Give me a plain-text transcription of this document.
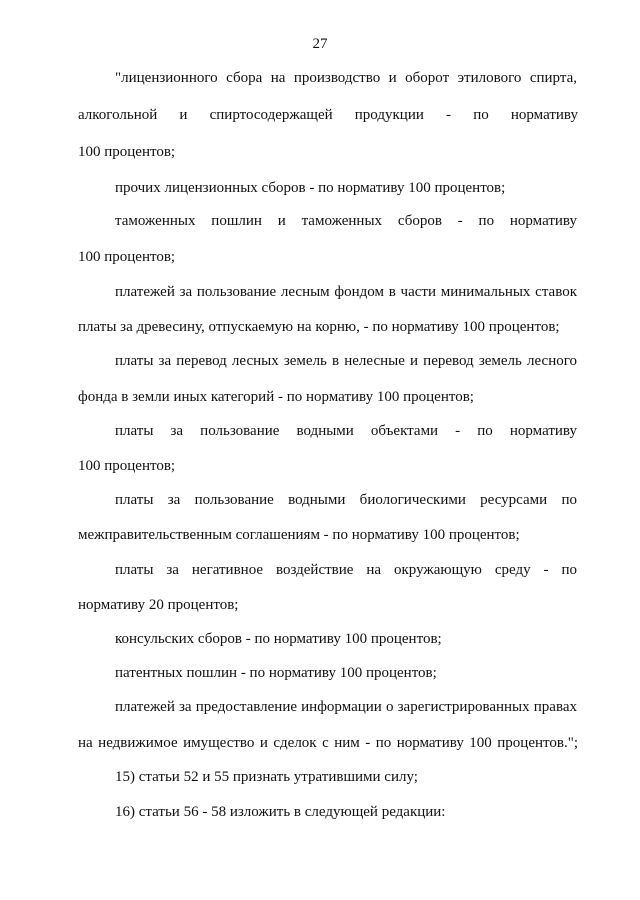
27
"лицензионного сбора на производство и оборот этилового спирта,
алкогольной и спиртосодержащей продукции - по нормативу
100 процентов;
прочих лицензионных сборов - по нормативу 100 процентов;
таможенных пошлин и таможенных сборов - по нормативу
100 процентов;
платежей за пользование лесным фондом в части минимальных ставок
платы за древесину, отпускаемую на корню, - по нормативу 100 процентов;
платы за перевод лесных земель в нелесные и перевод земель лесного
фонда в земли иных категорий - по нормативу 100 процентов;
платы за пользование водными объектами - по нормативу
100 процентов;
платы за пользование водными биологическими ресурсами по
межправительственным соглашениям - по нормативу 100 процентов;
платы за негативное воздействие на окружающую среду - по
нормативу 20 процентов;
консульских сборов - по нормативу 100 процентов;
патентных пошлин - по нормативу 100 процентов;
платежей за предоставление информации о зарегистрированных правах
на недвижимое имущество и сделок с ним - по нормативу 100 процентов.";
15) статьи 52 и 55 признать утратившими силу;
16) статьи 56 - 58 изложить в следующей редакции:
